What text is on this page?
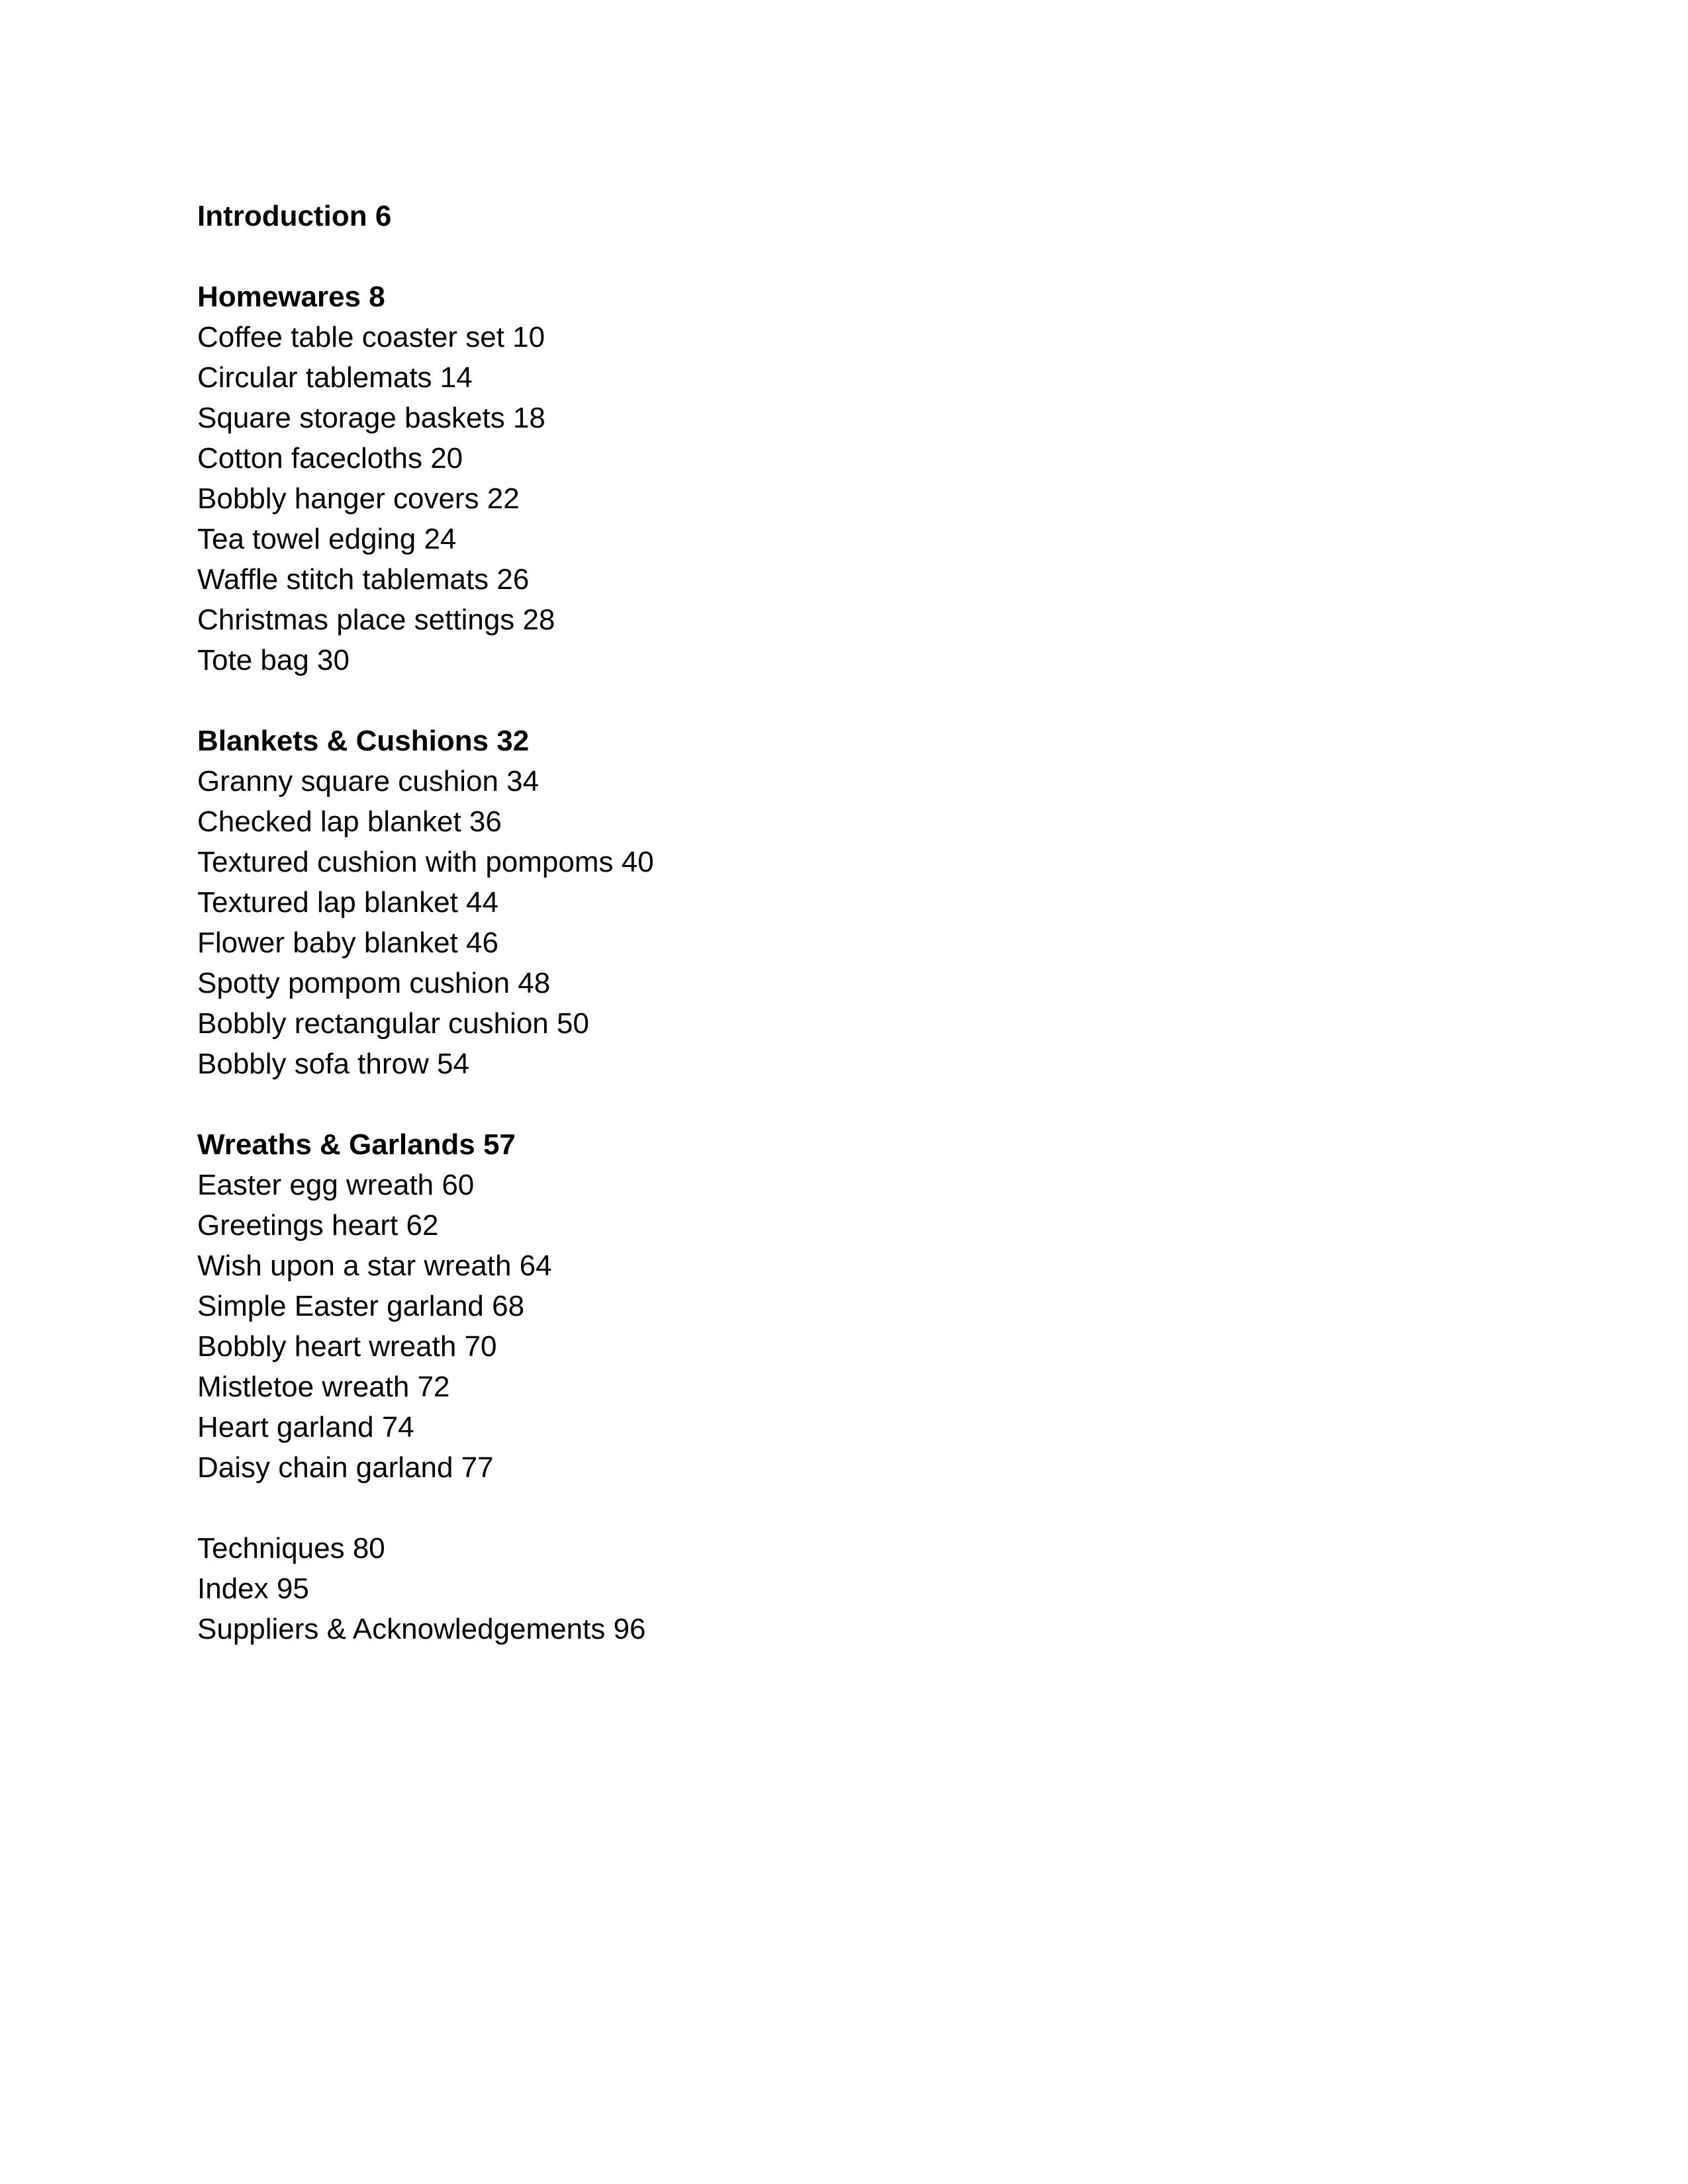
Introduction 6
Homewares 8
Coffee table coaster set 10
Circular tablemats 14
Square storage baskets 18
Cotton facecloths 20
Bobbly hanger covers 22
Tea towel edging 24
Waffle stitch tablemats 26
Christmas place settings 28
Tote bag 30
Blankets & Cushions 32
Granny square cushion 34
Checked lap blanket 36
Textured cushion with pompoms 40
Textured lap blanket 44
Flower baby blanket 46
Spotty pompom cushion 48
Bobbly rectangular cushion 50
Bobbly sofa throw 54
Wreaths & Garlands 57
Easter egg wreath 60
Greetings heart 62
Wish upon a star wreath 64
Simple Easter garland 68
Bobbly heart wreath 70
Mistletoe wreath 72
Heart garland 74
Daisy chain garland 77
Techniques 80
Index 95
Suppliers & Acknowledgements 96
